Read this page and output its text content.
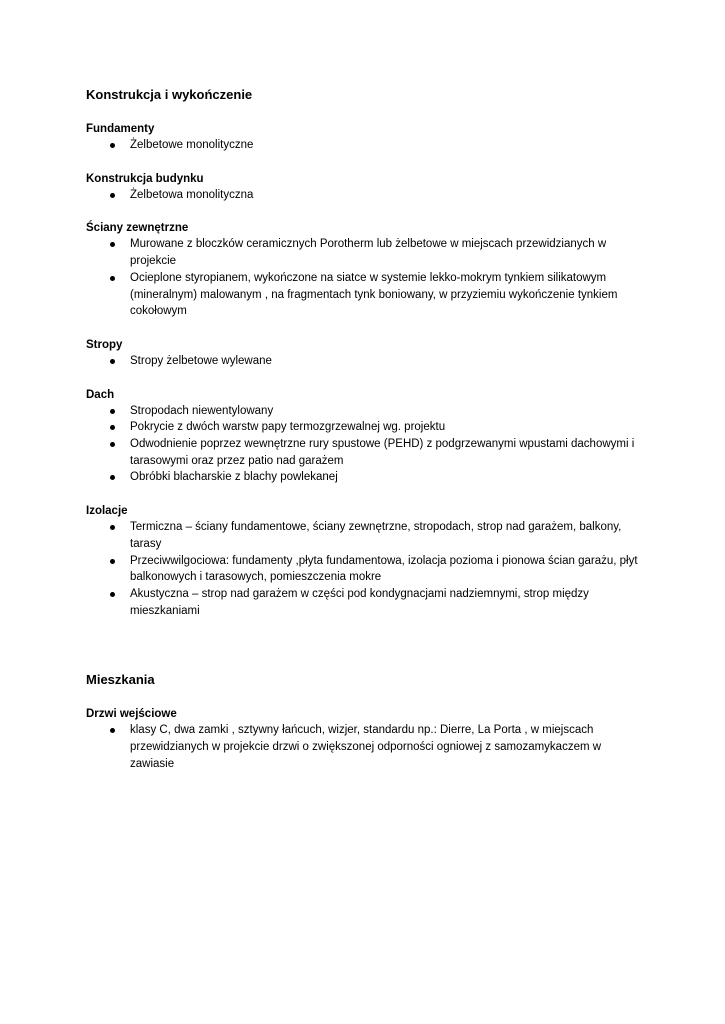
Konstrukcja i wykończenie
Fundamenty
Żelbetowe monolityczne
Konstrukcja budynku
Żelbetowa monolityczna
Ściany zewnętrzne
Murowane z bloczków ceramicznych Porotherm lub żelbetowe w miejscach przewidzianych w projekcie
Ocieplone styropianem, wykończone na siatce w systemie lekko-mokrym tynkiem silikatowym (mineralnym) malowanym , na fragmentach tynk boniowany, w przyziemiu wykończenie tynkiem cokołowym
Stropy
Stropy żelbetowe wylewane
Dach
Stropodach niewentylowany
Pokrycie z dwóch warstw papy termozgrzewalnej wg. projektu
Odwodnienie poprzez wewnętrzne rury spustowe (PEHD) z podgrzewanymi wpustami dachowymi i tarasowymi oraz przez patio nad garażem
Obróbki blacharskie z blachy powlekanej
Izolacje
Termiczna – ściany fundamentowe, ściany zewnętrzne, stropodach, strop nad garażem, balkony, tarasy
Przeciwwilgociowa: fundamenty ,płyta fundamentowa, izolacja pozioma i pionowa ścian garażu, płyt balkonowych i tarasowych, pomieszczenia mokre
Akustyczna – strop nad garażem w części pod kondygnacjami nadziemnymi, strop między mieszkaniami
Mieszkania
Drzwi wejściowe
klasy C, dwa zamki , sztywny łańcuch, wizjer, standardu np.: Dierre, La Porta , w miejscach przewidzianych w projekcie drzwi o zwiększonej odporności ogniowej z samozamykaczem w zawiasie
